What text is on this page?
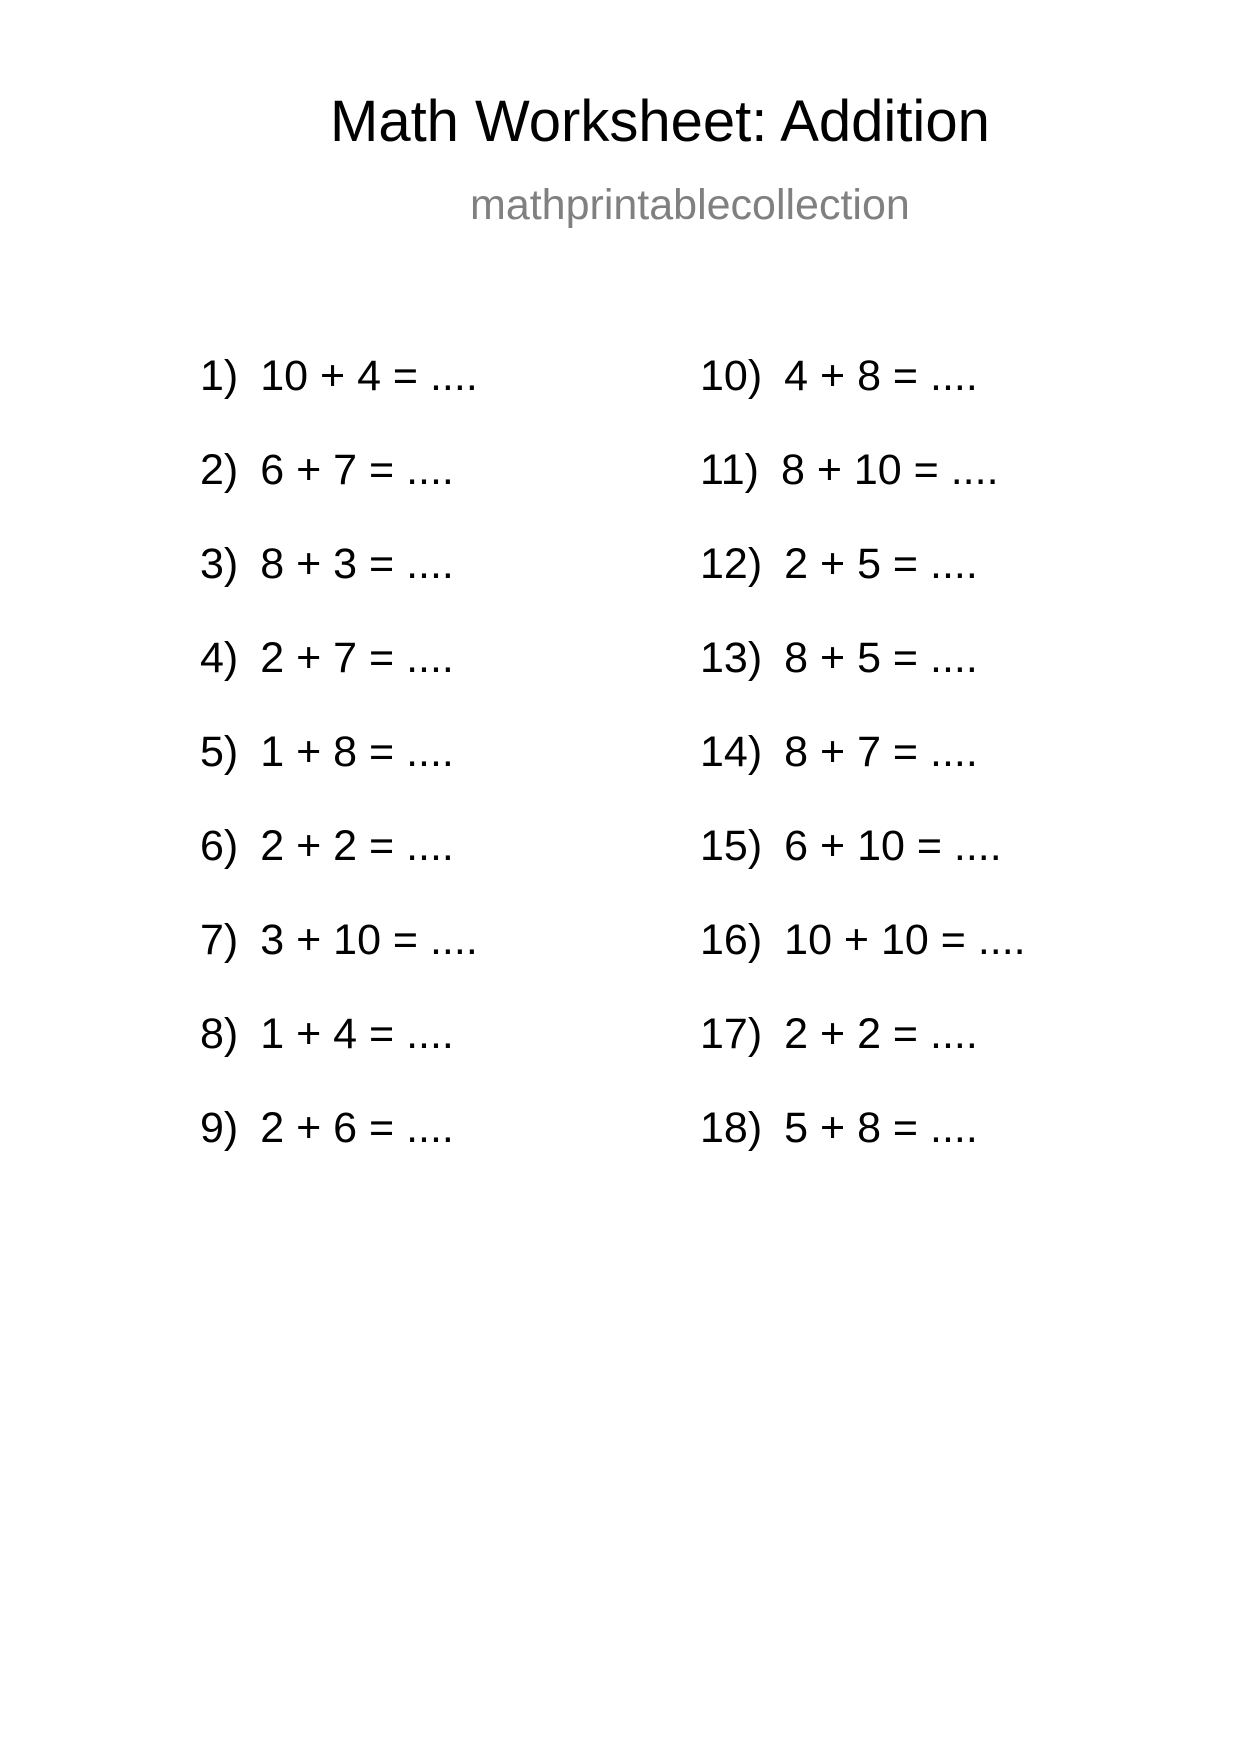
Math Worksheet: Addition
mathprintablecollection
1) 10 + 4 = ....
2) 6 + 7 = ....
3) 8 + 3 = ....
4) 2 + 7 = ....
5) 1 + 8 = ....
6) 2 + 2 = ....
7) 3 + 10 = ....
8) 1 + 4 = ....
9) 2 + 6 = ....
10) 4 + 8 = ....
11) 8 + 10 = ....
12) 2 + 5 = ....
13) 8 + 5 = ....
14) 8 + 7 = ....
15) 6 + 10 = ....
16) 10 + 10 = ....
17) 2 + 2 = ....
18) 5 + 8 = ....
